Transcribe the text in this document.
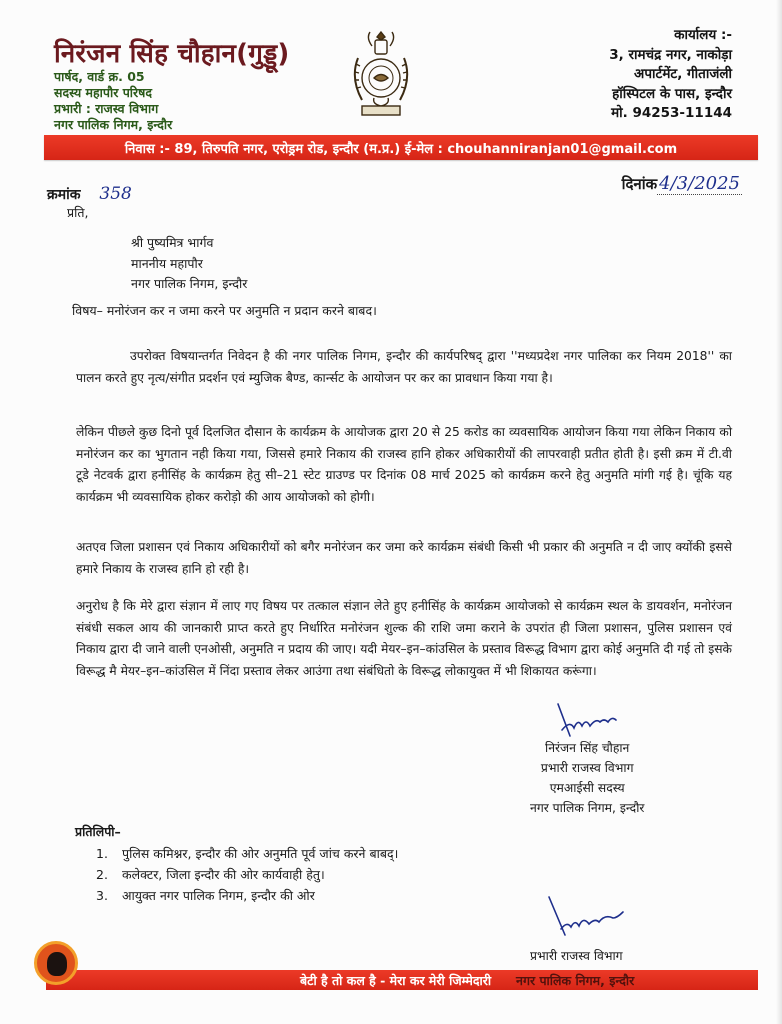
निरंजन सिंह चौहान(गुड्डू)
पार्षद, वार्ड क्र. 05
सदस्य महापौर परिषद
प्रभारी : राजस्व विभाग
नगर पालिक निगम, इन्दौर
कार्यालय :-
3, रामचंद्र नगर, नाकोड़ा
अपार्टमेंट, गीताजंली
हॉस्पिटल के पास, इन्दौर
मो. 94253-11144
निवास :- 89, तिरुपति नगर, एरोड्रम रोड, इन्दौर (म.प्र.) ई-मेल : chouhanniranjan01@gmail.com
क्रमांक 358	दिनांक 4/3/2025
प्रति,
श्री पुष्यमित्र भार्गव
माननीय महापौर
नगर पालिक निगम, इन्दौर
विषय– मनोरंजन कर न जमा करने पर अनुमति न प्रदान करने बाबद।

उपरोक्त विषयान्तर्गत निवेदन है की नगर पालिक निगम, इन्दौर की कार्यपरिषद् द्वारा ''मध्यप्रदेश नगर पालिका कर नियम 2018'' का पालन करते हुए नृत्य/संगीत प्रदर्शन एवं म्युजिक बैण्ड, कार्न्सट के आयोजन पर कर का प्रावधान किया गया है।

लेकिन पीछले कुछ दिनो पूर्व दिलजित दौसान के कार्यक्रम के आयोजक द्वारा 20 से 25 करोड का व्यवसायिक आयोजन किया गया लेकिन निकाय को मनोरंजन कर का भुगतान नही किया गया, जिससे हमारे निकाय की राजस्व हानि होकर अधिकारीयों की लापरवाही प्रतीत होती है। इसी क्रम में टी.वी टूडे नेटवर्क द्वारा हनीसिंह के कार्यक्रम हेतु सी–21 स्टेट ग्राउण्ड पर दिनांक 08 मार्च 2025 को कार्यक्रम करने हेतु अनुमति मांगी गई है। चूंकि यह कार्यक्रम भी व्यवसायिक होकर करोड़ो की आय आयोजको को होगी।

अतएव जिला प्रशासन एवं निकाय अधिकारीयों को बगैर मनोरंजन कर जमा करे कार्यक्रम संबंधी किसी भी प्रकार की अनुमति न दी जाए क्योंकी इससे हमारे निकाय के राजस्व हानि हो रही है।

अनुरोध है कि मेरे द्वारा संज्ञान में लाए गए विषय पर तत्काल संज्ञान लेते हुए हनीसिंह के कार्यक्रम आयोजको से कार्यक्रम स्थल के डायवर्शन, मनोरंजन संबंधी सकल आय की जानकारी प्राप्त करते हुए निर्धारित मनोरंजन शुल्क की राशि जमा कराने के उपरांत ही जिला प्रशासन, पुलिस प्रशासन एवं निकाय द्वारा दी जाने वाली एनओसी, अनुमति न प्रदाय की जाए। यदी मेयर–इन–कांउसिल के प्रस्ताव विरूद्ध विभाग द्वारा कोई अनुमति दी गई तो इसके विरूद्ध मै मेयर–इन–कांउसिल में निंदा प्रस्ताव लेकर आउंगा तथा संबंधितो के विरूद्ध लोकायुक्त में भी शिकायत करूंगा।

निरंजन सिंह चौहान
प्रभारी राजस्व विभाग
एमआईसी सदस्य
नगर पालिक निगम, इन्दौर
प्रतिलिपी–
1. पुलिस कमिश्नर, इन्दौर की ओर अनुमति पूर्व जांच करने बाबद्।
2. कलेक्टर, जिला इन्दौर की ओर कार्यवाही हेतु।
3. आयुक्त नगर पालिक निगम, इन्दौर की ओर
प्रभारी राजस्व विभाग
बेटी है तो कल है - मेरा कर मेरी जिम्मेदारी नगर पालिक निगम, इन्दौर
